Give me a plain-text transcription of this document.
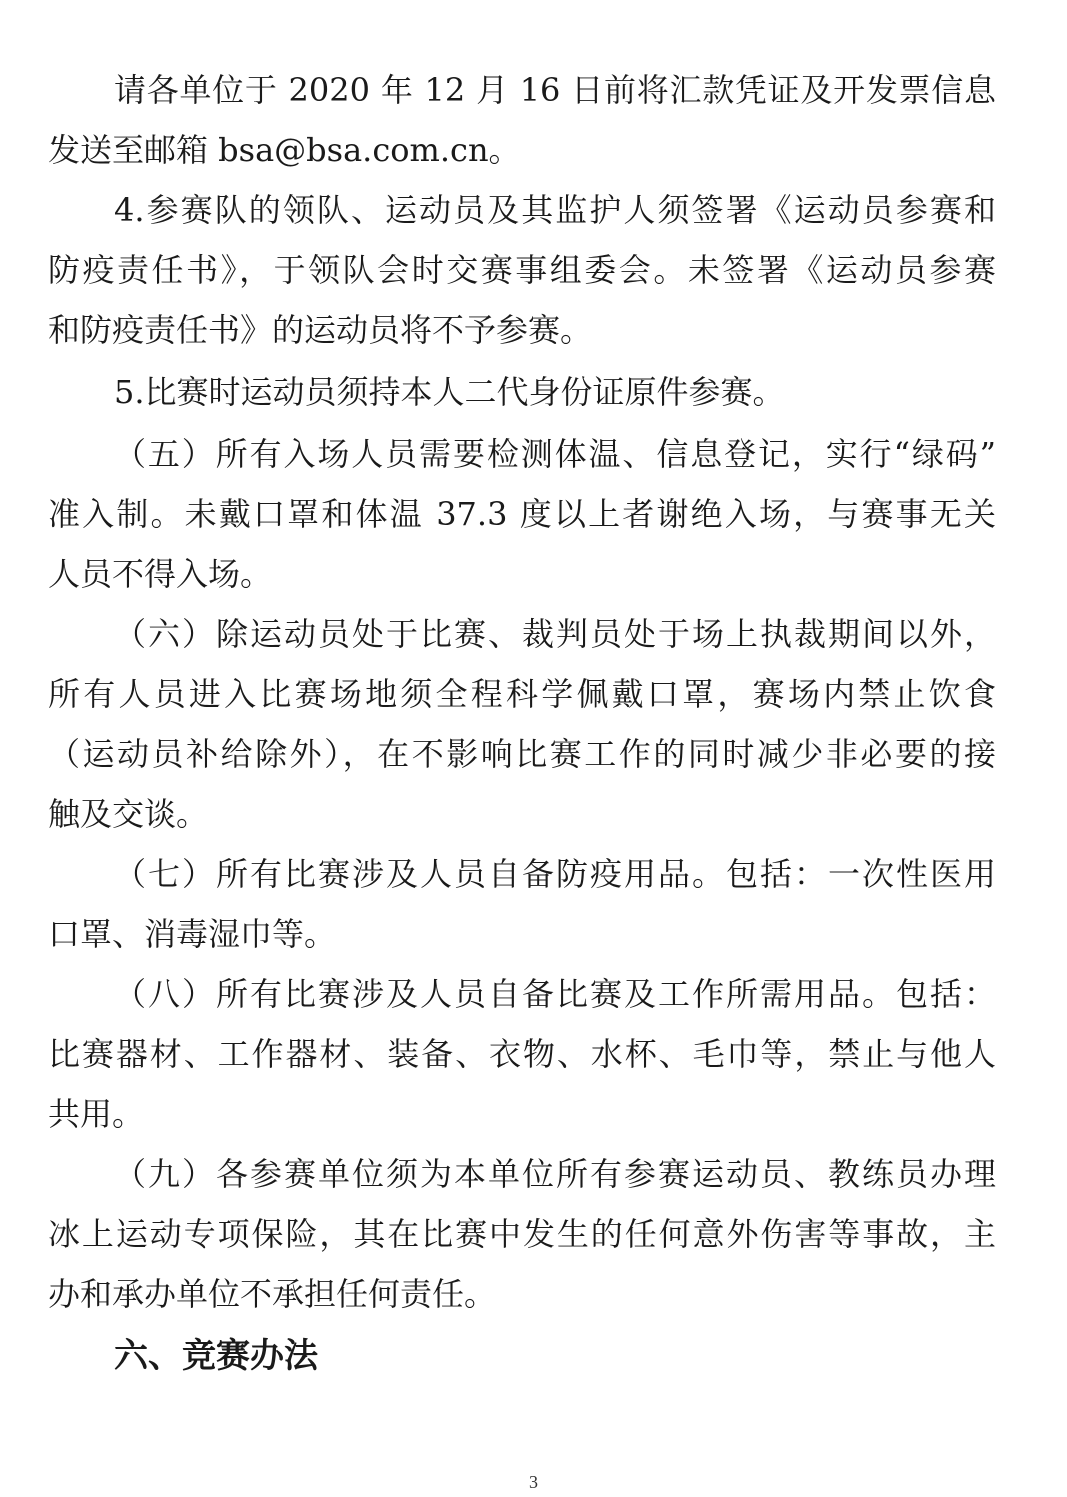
请各单位于 2020 年 12 月 16 日前将汇款凭证及开发票信息
发送至邮箱 bsa@bsa.com.cn。
4.参赛队的领队、运动员及其监护人须签署《运动员参赛和
防疫责任书》，于领队会时交赛事组委会。未签署《运动员参赛
和防疫责任书》的运动员将不予参赛。
5.比赛时运动员须持本人二代身份证原件参赛。
（五）所有入场人员需要检测体温、信息登记，实行“绿码”
准入制。未戴口罩和体温 37.3 度以上者谢绝入场，与赛事无关
人员不得入场。
（六）除运动员处于比赛、裁判员处于场上执裁期间以外，
所有人员进入比赛场地须全程科学佩戴口罩，赛场内禁止饮食
（运动员补给除外），在不影响比赛工作的同时减少非必要的接
触及交谈。
（七）所有比赛涉及人员自备防疫用品。包括：一次性医用
口罩、消毒湿巾等。
（八）所有比赛涉及人员自备比赛及工作所需用品。包括：
比赛器材、工作器材、装备、衣物、水杯、毛巾等，禁止与他人
共用。
（九）各参赛单位须为本单位所有参赛运动员、教练员办理
冰上运动专项保险，其在比赛中发生的任何意外伤害等事故，主
办和承办单位不承担任何责任。
六、竞赛办法
3
